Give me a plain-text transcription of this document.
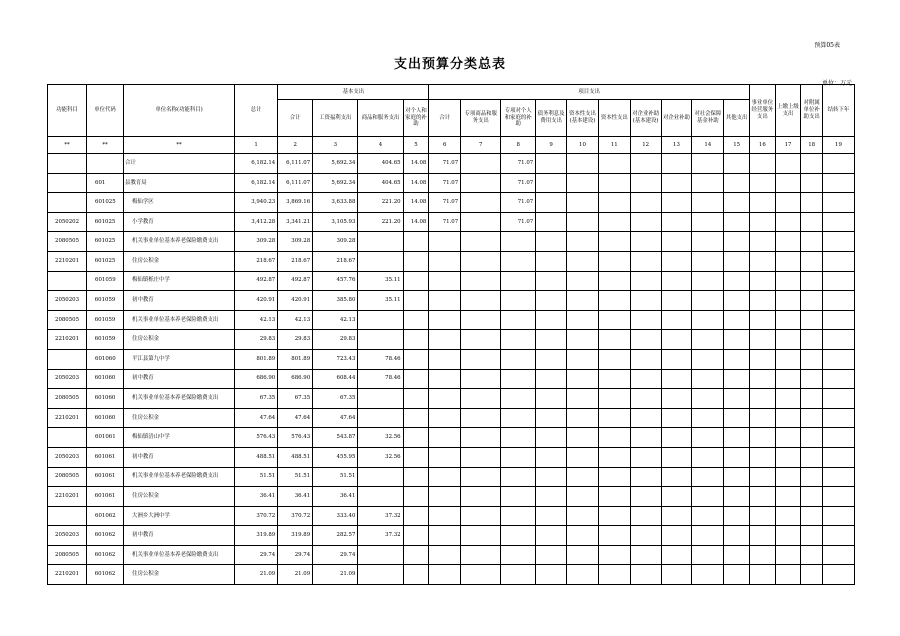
预算05表
支出预算分类总表
单位：万元
功能科目	单位代码	单位名称(功能科目)	总计	基本支出				项目支出										事业单位经营服务支出	上缴上级支出	对附属单位补助支出	结转下年
				合计	工资福利支出	商品和服务支出	对个人和家庭的补助	合计	专项商品和服务支出	专项对个人和家庭的补助	债务利息及费用支出	资本性支出(基本建设)	资本性支出	对企业补助(基本建设)	对企业补助	对社会保障基金补助	其他支出				
**	**	**	1	2	3	4	5	6	7	8	9	10	11	12	13	14	15	16	17	18	19
		合计	6,182.14	6,111.07	5,692.34	404.65	14.08	71.07		71.07											
	601	县教育局	6,182.14	6,111.07	5,692.34	404.65	14.08	71.07		71.07											
	601025	梅仙学区	3,940.23	3,869.16	3,633.88	221.20	14.08	71.07		71.07											
2050202	601025	小学教育	3,412.28	3,341.21	3,105.93	221.20	14.08	71.07		71.07											
2080505	601025	机关事业单位基本养老保险缴费支出	309.28	309.28	309.28																
2210201	601025	住房公积金	218.67	218.67	218.67																
	601059	梅仙镇栎庄中学	492.87	492.87	457.76	35.11															
2050203	601059	初中教育	420.91	420.91	385.80	35.11															
2080505	601059	机关事业单位基本养老保险缴费支出	42.13	42.13	42.13																
2210201	601059	住房公积金	29.83	29.83	29.83																
	601060	平江县第九中学	801.89	801.89	723.43	78.46															
2050203	601060	初中教育	686.90	686.90	608.44	78.46															
2080505	601060	机关事业单位基本养老保险缴费支出	67.35	67.35	67.35																
2210201	601060	住房公积金	47.64	47.64	47.64																
	601061	梅仙镇浯山中学	576.43	576.43	543.87	32.56															
2050203	601061	初中教育	488.51	488.51	455.95	32.56															
2080505	601061	机关事业单位基本养老保险缴费支出	51.51	51.51	51.51																
2210201	601061	住房公积金	36.41	36.41	36.41																
	601062	大洲乡大洲中学	370.72	370.72	333.40	37.32															
2050203	601062	初中教育	319.89	319.89	282.57	37.32															
2080505	601062	机关事业单位基本养老保险缴费支出	29.74	29.74	29.74																
2210201	601062	住房公积金	21.09	21.09	21.09																
